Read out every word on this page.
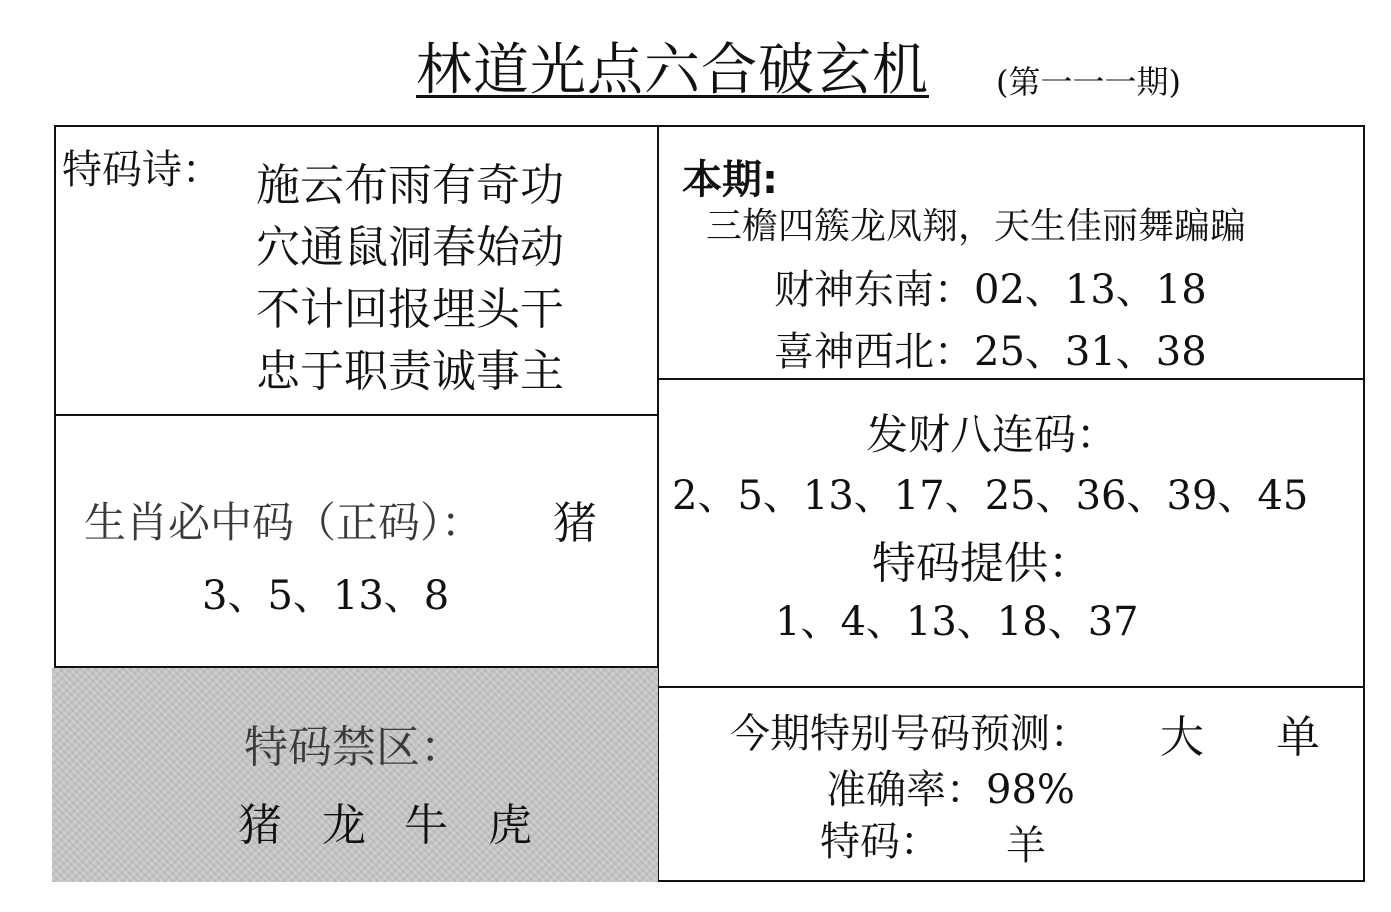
林道光点六合破玄机 (第一一一期)
特码诗： 施云布雨有奇功
穴通鼠洞春始动
不计回报埋头干
忠于职责诚事主
本期:
三檐四簇龙凤翔，天生佳丽舞蹁蹁
财神东南：02、13、18
喜神西北：25、31、38
生肖必中码（正码）： 猪
3、5、13、8
发财八连码：
2、5、13、17、25、36、39、45
特码提供：
1、4、13、18、37
特码禁区：
猪 龙 牛 虎
今期特别号码预测： 大 单
准确率：98%
特码： 羊
